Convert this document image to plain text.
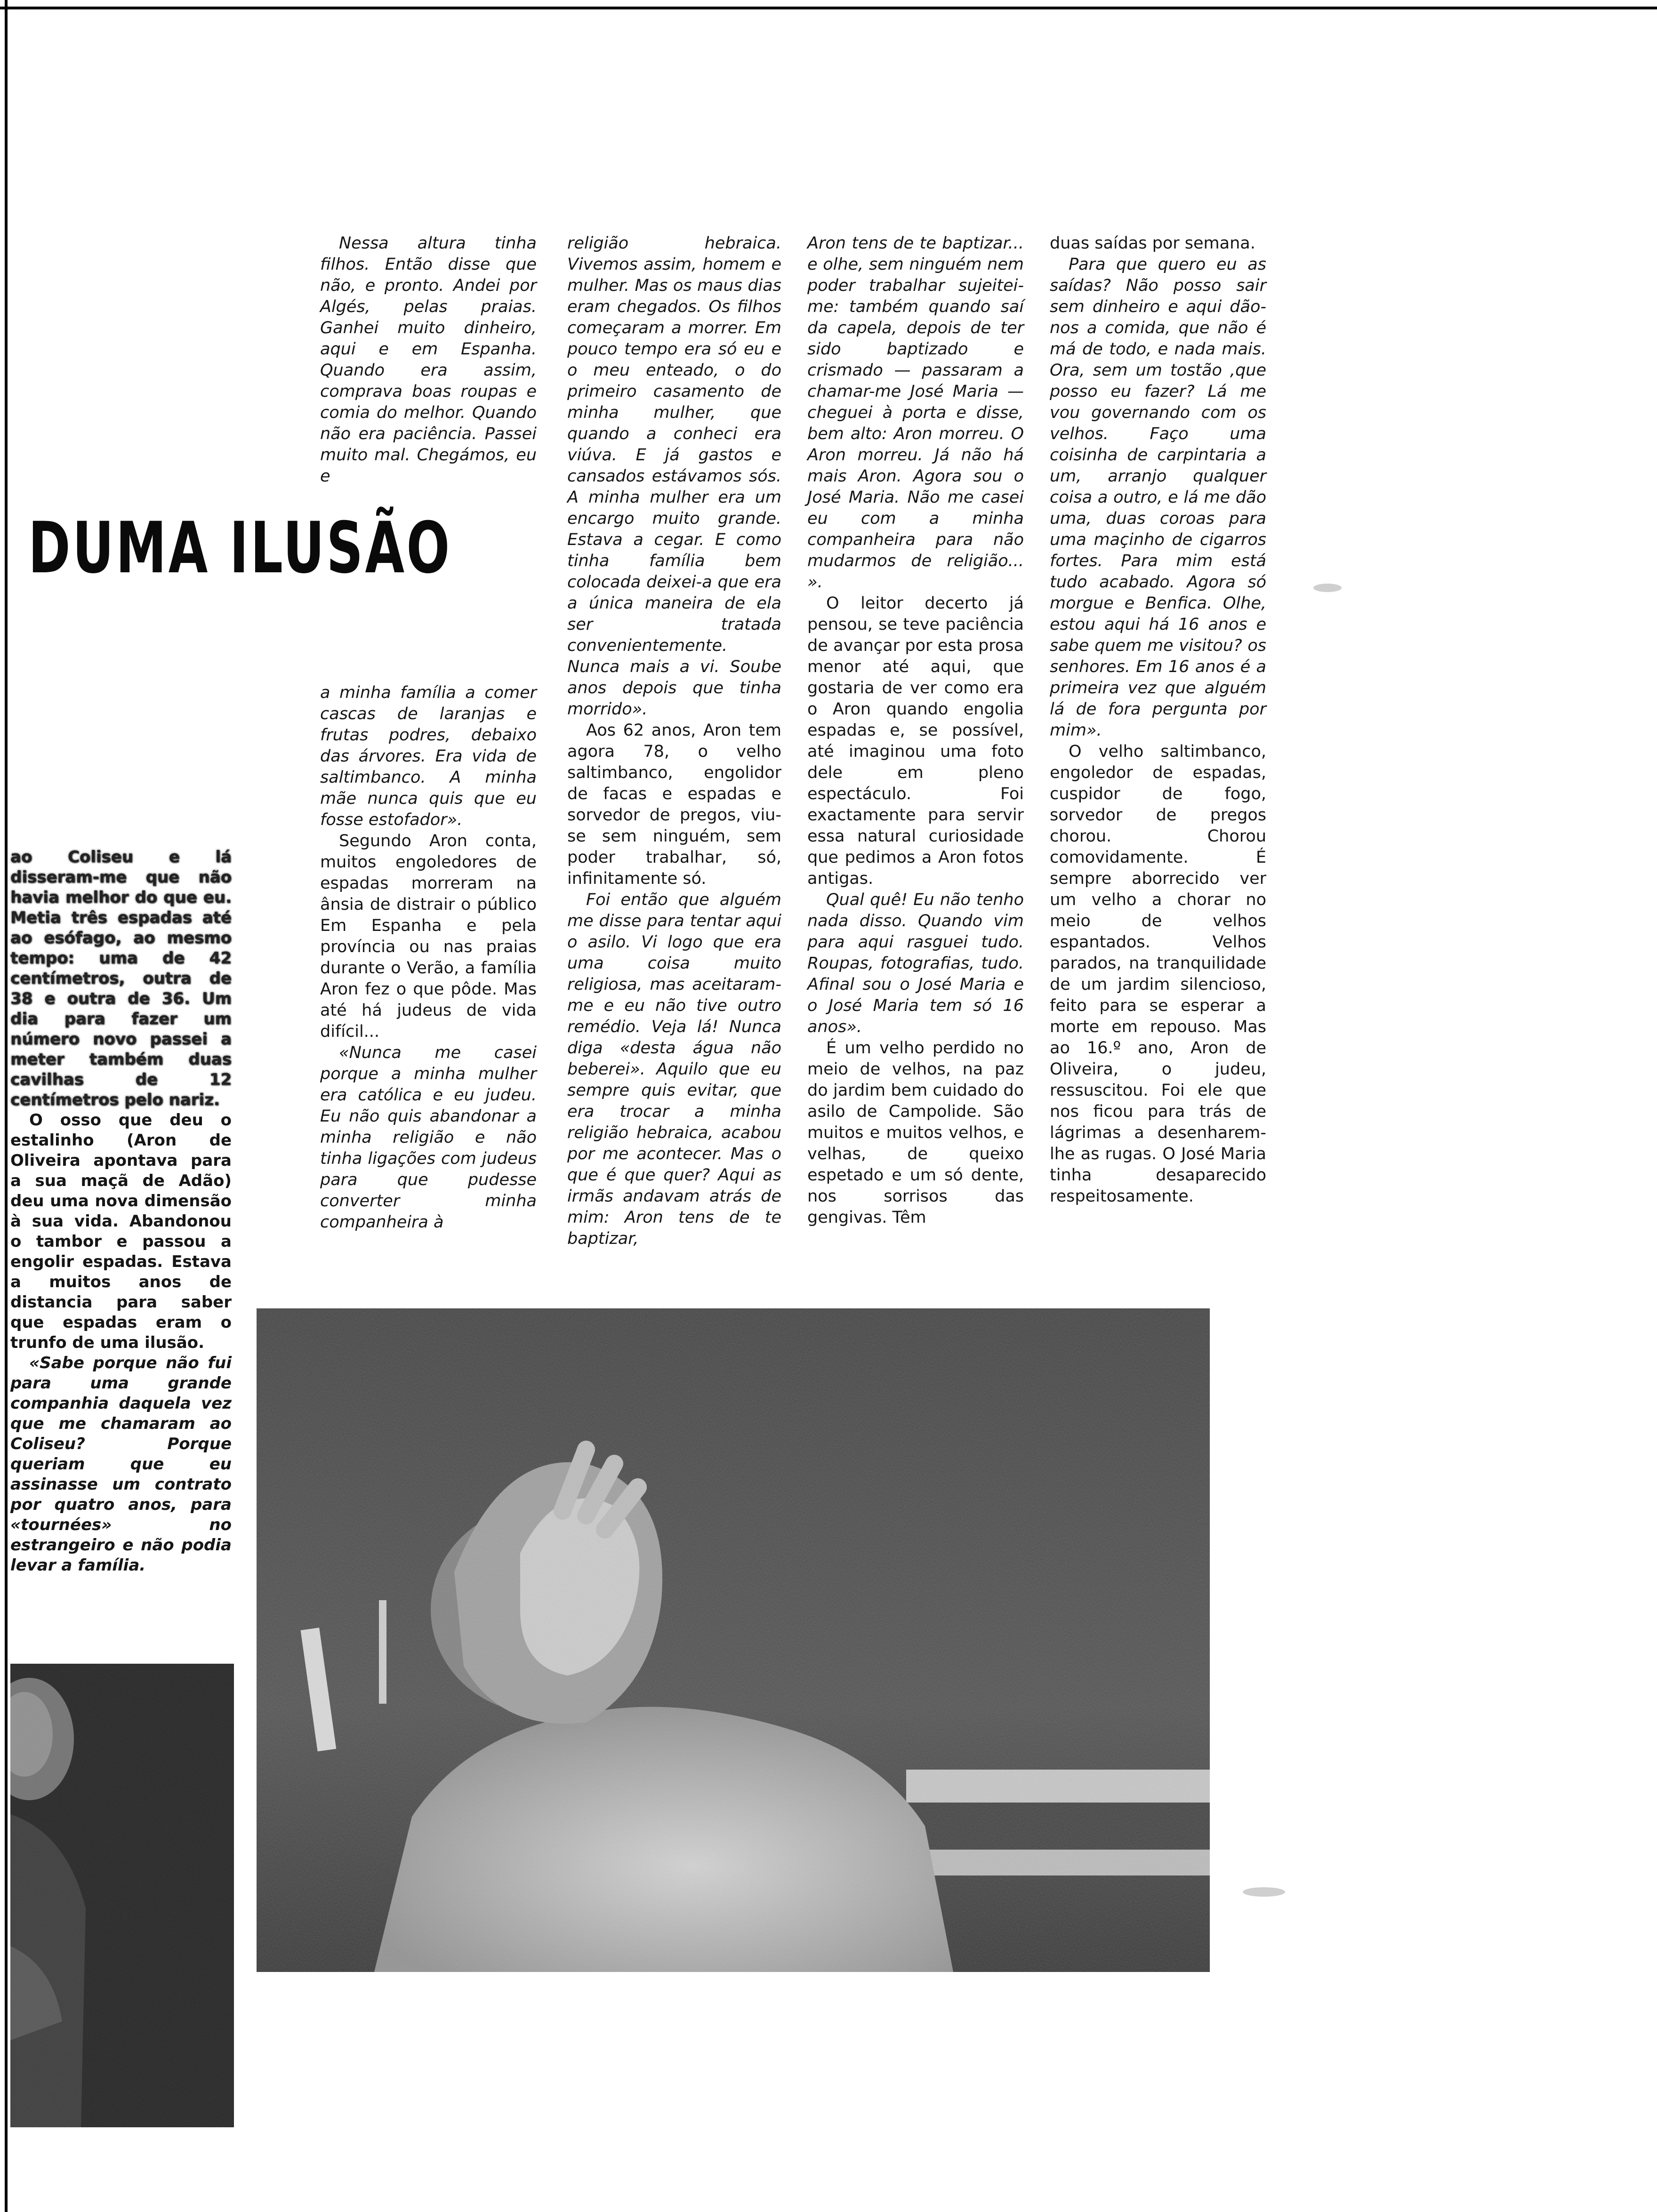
DUMA ILUSÃO

Nessa altura tinha filhos. Então disse que não, e pronto. Andei por Algés, pelas praias. Ganhei muito dinheiro, aqui e em Espanha. Quando era assim, comprava boas roupas e comia do melhor. Quando não era paciência. Passei muito mal. Chegámos, eu e

a minha família a comer cascas de laranjas e frutas podres, debaixo das árvores. Era vida de saltimbanco. A minha mãe nunca quis que eu fosse estofador».

Segundo Aron conta, muitos engoledores de espadas morreram na ânsia de distrair o público Em Espanha e pela província ou nas praias durante o Verão, a família Aron fez o que pôde. Mas até há judeus de vida difícil...

«Nunca me casei porque a minha mulher era católica e eu judeu. Eu não quis abandonar a minha religião e não tinha ligações com judeus para que pudesse converter minha companheira à

religião hebraica. Vivemos assim, homem e mulher. Mas os maus dias eram chegados. Os filhos começaram a morrer. Em pouco tempo era só eu e o meu enteado, o do primeiro casamento de minha mulher, que quando a conheci era viúva. E já gastos e cansados estávamos sós. A minha mulher era um encargo muito grande. Estava a cegar. E como tinha família bem colocada deixei-a que era a única maneira de ela ser tratada convenientemente. Nunca mais a vi. Soube anos depois que tinha morrido».

Aos 62 anos, Aron tem agora 78, o velho saltimbanco, engolidor de facas e espadas e sorvedor de pregos, viu-se sem ninguém, sem poder trabalhar, só, infinitamente só.

Foi então que alguém me disse para tentar aqui o asilo. Vi logo que era uma coisa muito religiosa, mas aceitaram-me e eu não tive outro remédio. Veja lá! Nunca diga «desta água não beberei». Aquilo que eu sempre quis evitar, que era trocar a minha religião hebraica, acabou por me acontecer. Mas o que é que quer? Aqui as irmãs andavam atrás de mim: Aron tens de te baptizar,

Aron tens de te baptizar... e olhe, sem ninguém nem poder trabalhar sujeitei-me: também quando saí da capela, depois de ter sido baptizado e crismado — passaram a chamar-me José Maria — cheguei à porta e disse, bem alto: Aron morreu. O Aron morreu. Já não há mais Aron. Agora sou o José Maria. Não me casei eu com a minha companheira para não mudarmos de religião... ».

O leitor decerto já pensou, se teve paciência de avançar por esta prosa menor até aqui, que gostaria de ver como era o Aron quando engolia espadas e, se possível, até imaginou uma foto dele em pleno espectáculo. Foi exactamente para servir essa natural curiosidade que pedimos a Aron fotos antigas.

Qual quê! Eu não tenho nada disso. Quando vim para aqui rasguei tudo. Roupas, fotografias, tudo. Afinal sou o José Maria e o José Maria tem só 16 anos».

É um velho perdido no meio de velhos, na paz do jardim bem cuidado do asilo de Campolide. São muitos e muitos velhos, e velhas, de queixo espetado e um só dente, nos sorrisos das gengivas. Têm

duas saídas por semana.

Para que quero eu as saídas? Não posso sair sem dinheiro e aqui dão-nos a comida, que não é má de todo, e nada mais. Ora, sem um tostão ,que posso eu fazer? Lá me vou governando com os velhos. Faço uma coisinha de carpintaria a um, arranjo qualquer coisa a outro, e lá me dão uma, duas coroas para uma maçinho de cigarros fortes. Para mim está tudo acabado. Agora só morgue e Benfica. Olhe, estou aqui há 16 anos e sabe quem me visitou? os senhores. Em 16 anos é a primeira vez que alguém lá de fora pergunta por mim».

O velho saltimbanco, engoledor de espadas, cuspidor de fogo, sorvedor de pregos chorou. Chorou comovidamente. É sempre aborrecido ver um velho a chorar no meio de velhos espantados. Velhos parados, na tranquilidade de um jardim silencioso, feito para se esperar a morte em repouso. Mas ao 16.º ano, Aron de Oliveira, o judeu, ressuscitou. Foi ele que nos ficou para trás de lágrimas a desenharem-lhe as rugas. O José Maria tinha desaparecido respeitosamente.

ao Coliseu e lá disseram-me que não havia melhor do que eu. Metia três espadas até ao esófago, ao mesmo tempo: uma de 42 centímetros, outra de 38 e outra de 36. Um dia para fazer um número novo passei a meter também duas cavilhas de 12 centímetros pelo nariz.

O osso que deu o estalinho (Aron de Oliveira apontava para a sua maçã de Adão) deu uma nova dimensão à sua vida. Abandonou o tambor e passou a engolir espadas. Estava a muitos anos de distancia para saber que espadas eram o trunfo de uma ilusão.

«Sabe porque não fui para uma grande companhia daquela vez que me chamaram ao Coliseu? Porque queriam que eu assinasse um contrato por quatro anos, para «tournées» no estrangeiro e não podia levar a família.
